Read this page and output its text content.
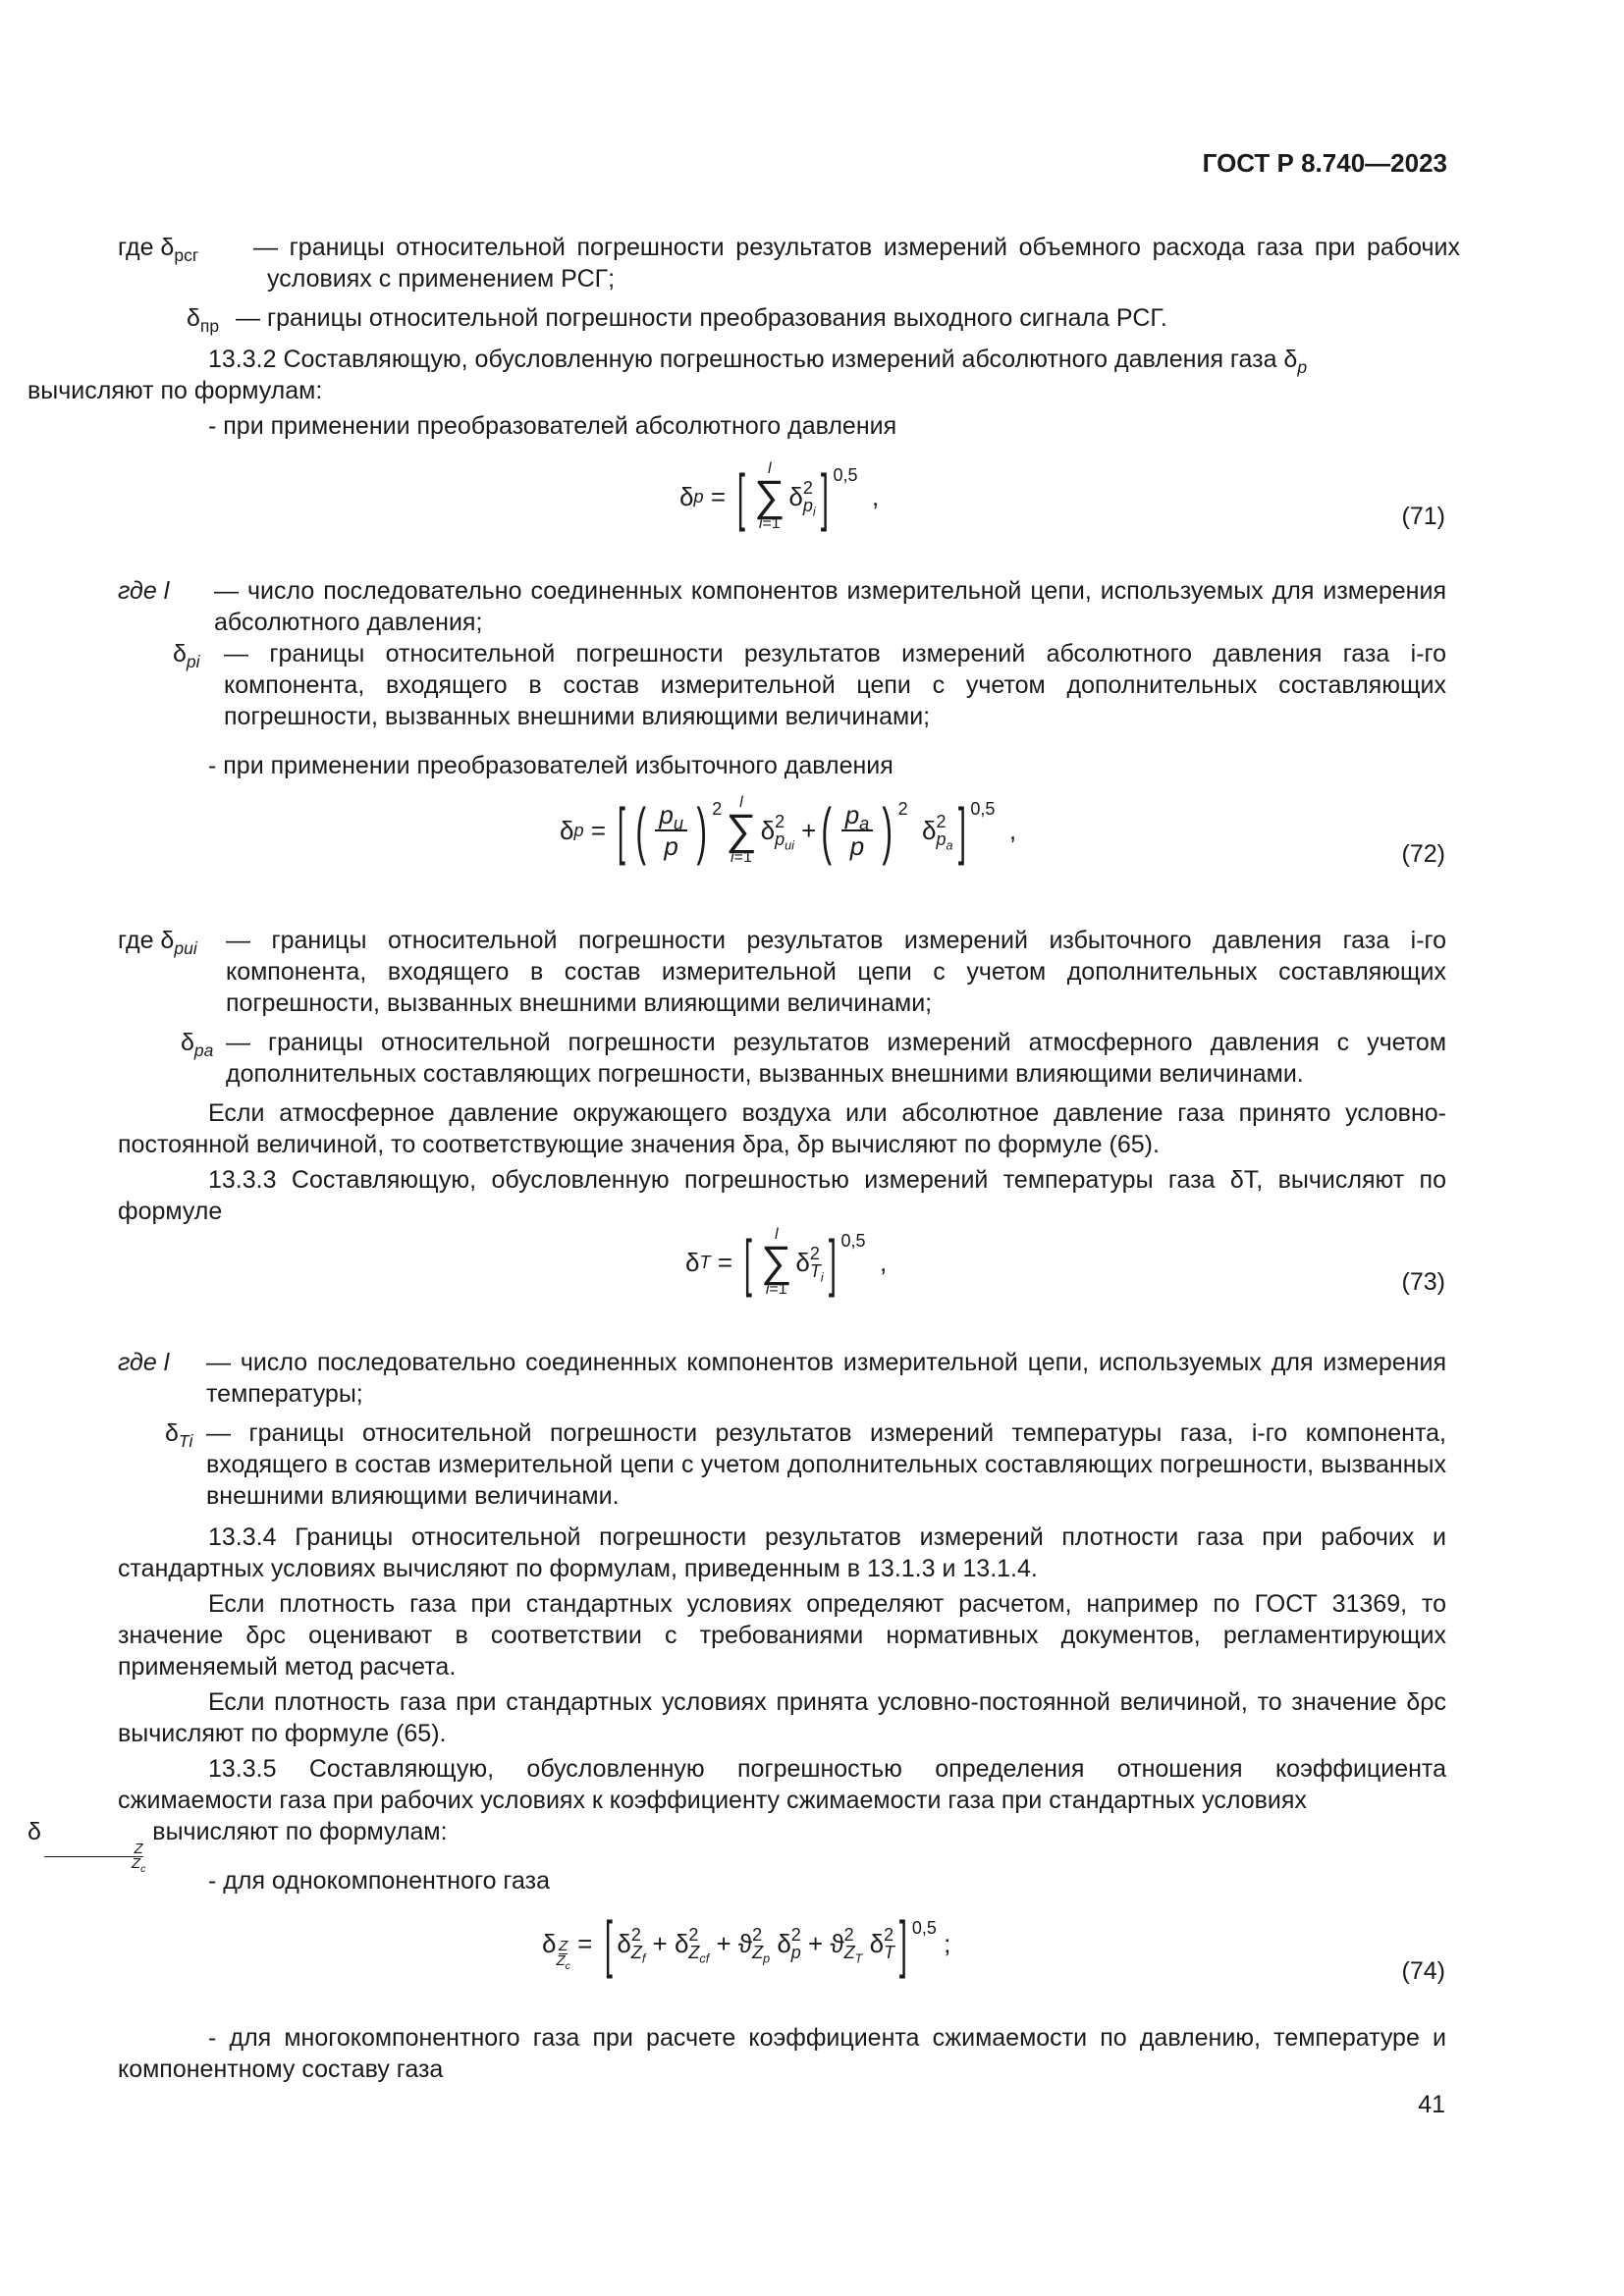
ГОСТ Р 8.740—2023
где $\delta_{рсг}$	— границы относительной погрешности результатов измерений объемного расхода газа при рабочих условиях с применением РСГ;
$\delta_{пр}$ — границы относительной погрешности преобразования выходного сигнала РСГ.
13.3.2 Составляющую, обусловленную погрешностью измерений абсолютного давления газа $\delta_p$
вычисляют по формулам:
- при применении преобразователей абсолютного давления
δ p = [ l
∑
i=1
δ 2
$p_i$ ] 0,5
,
(71)
где l	— число последовательно соединенных компонентов измерительной цепи, используемых для измерения абсолютного давления;
$\delta_{pi}$ — границы относительной погрешности результатов измерений абсолютного давления газа i-го компонента, входящего в состав измерительной цепи с учетом дополнительных составляющих погрешности, вызванных внешними влияющими величинами;
- при применении преобразователей избыточного давления
δ p = [ ( $\frac{p_и}{p}$ ) 2 l
∑
i=1
δ 2
$p_{иi}$
+ ( $\frac{p_а}{p}$ ) 2
δ 2
$p_а$ ] 0,5
,
(72)
где $\delta_{pиi}$	— границы относительной погрешности результатов измерений избыточного давления газа i-го компонента, входящего в состав измерительной цепи с учетом дополнительных составляющих погрешности, вызванных внешними влияющими величинами;
$\delta_{pа}$ — границы относительной погрешности результатов измерений атмосферного давления с учетом дополнительных составляющих погрешности, вызванных внешними влияющими величинами.
Если атмосферное давление окружающего воздуха или абсолютное давление газа принято условно-постоянной величиной, то соответствующие значения δpа, δp вычисляют по формуле (65).
13.3.3 Составляющую, обусловленную погрешностью измерений температуры газа δT, вычисляют по формуле
δ T = [ l
∑
i=1
δ 2
$T_i$ ] 0,5
,
(73)
где l	— число последовательно соединенных компонентов измерительной цепи, используемых для измерения температуры;
$\delta_{Ti}$ — границы относительной погрешности результатов измерений температуры газа, i-го компонента, входящего в состав измерительной цепи с учетом дополнительных составляющих погрешности, вызванных внешними влияющими величинами.
13.3.4 Границы относительной погрешности результатов измерений плотности газа при рабочих и стандартных условиях вычисляют по формулам, приведенным в 13.1.3 и 13.1.4.
Если плотность газа при стандартных условиях определяют расчетом, например по ГОСТ 31369, то значение δρс оценивают в соответствии с требованиями нормативных документов, регламентирующих применяемый метод расчета.
Если плотность газа при стандартных условиях принята условно-постоянной величиной, то значение δρс вычисляют по формуле (65).
13.3.5 Составляющую, обусловленную погрешностью определения отношения коэффициента сжимаемости газа при рабочих условиях к коэффициенту сжимаемости газа при стандартных условиях
δ
$_{\frac{Z}{Z_c}}$
вычисляют по формулам:
- для однокомпонентного газа
δ Z
$Z_c$
= [ δ 2
$Z_f$
+ δ 2
$Z_{cf}$
+ ϑ 2
$Z_p$
δ 2
p + ϑ 2
$Z_T$
δ 2
T ] 0,5
;
(74)
- для многокомпонентного газа при расчете коэффициента сжимаемости по давлению, температуре и компонентному составу газа
41
